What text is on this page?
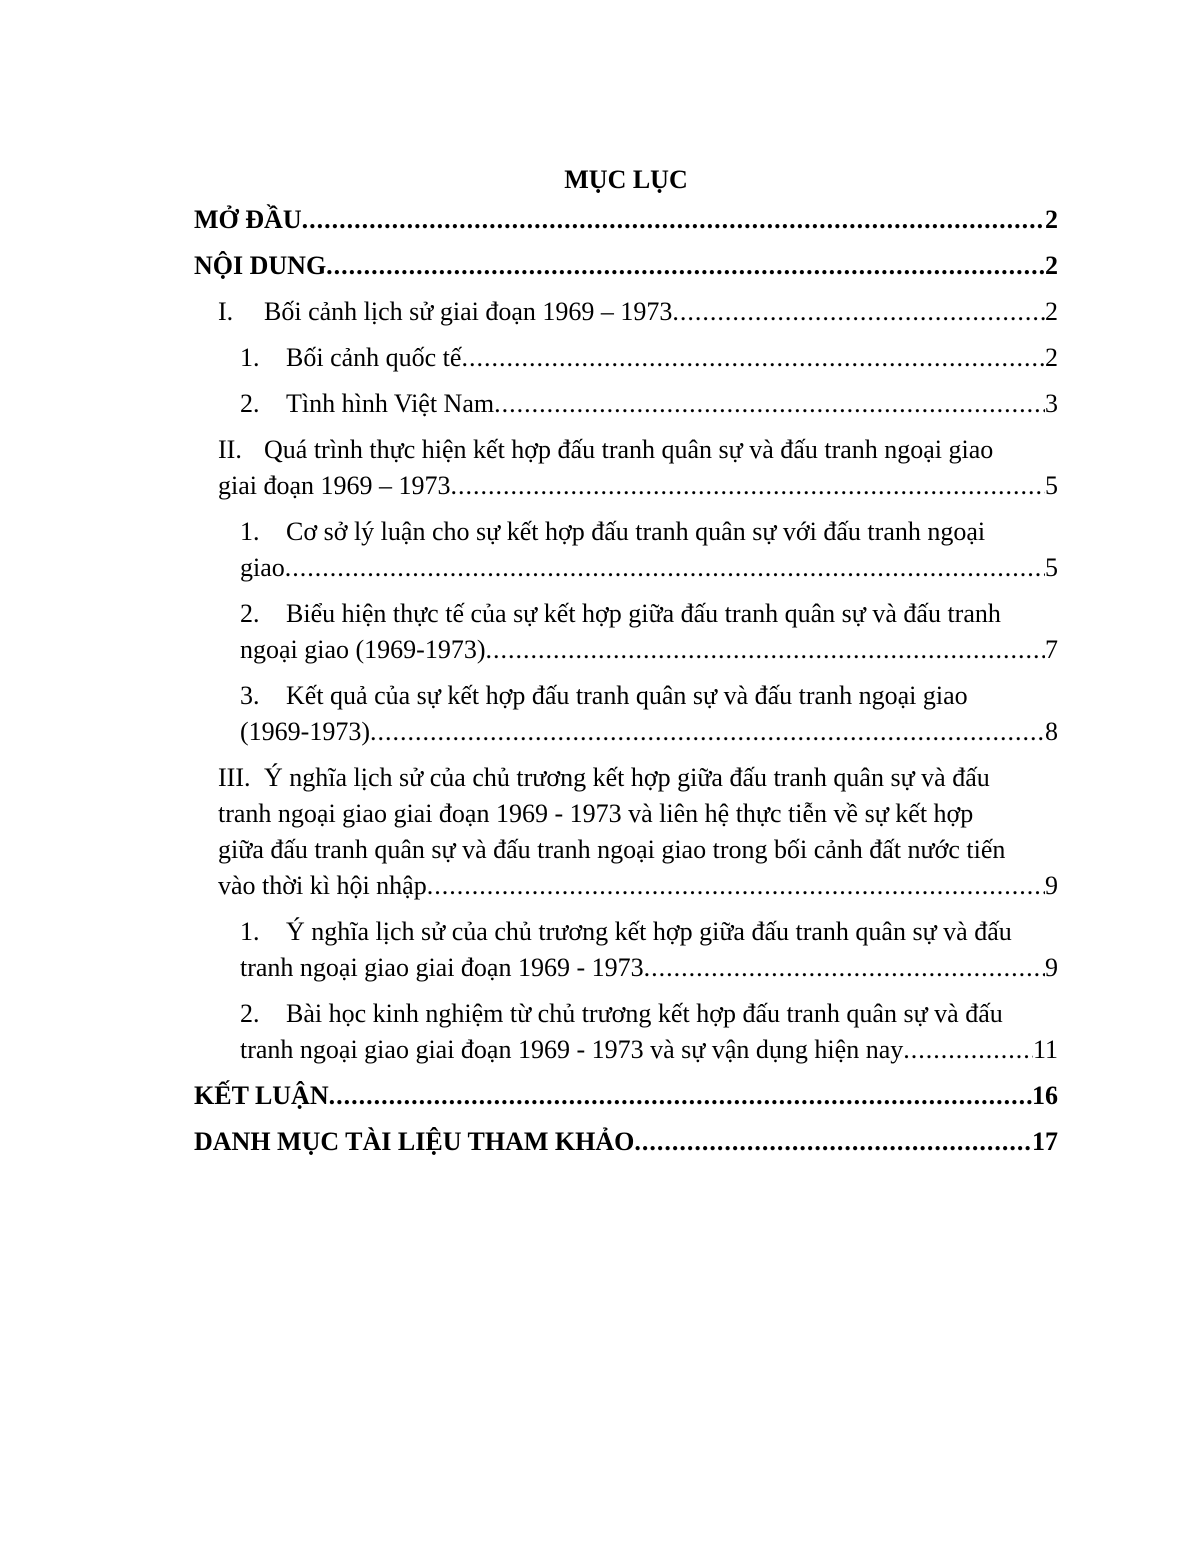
MỤC LỤC
MỞ ĐẦU .....	2
NỘI DUNG .....	2
I. Bối cảnh lịch sử giai đoạn 1969 – 1973 .....	2
1. Bối cảnh quốc tế .....	2
2. Tình hình Việt Nam .....	3
II. Quá trình thực hiện kết hợp đấu tranh quân sự và đấu tranh ngoại giao
giai đoạn 1969 – 1973 .....	5
1. Cơ sở lý luận cho sự kết hợp đấu tranh quân sự với đấu tranh ngoại
giao .....	5
2. Biểu hiện thực tế của sự kết hợp giữa đấu tranh quân sự và đấu tranh
ngoại giao (1969-1973) .....	7
3. Kết quả của sự kết hợp đấu tranh quân sự và đấu tranh ngoại giao
(1969-1973) .....	8
III. Ý nghĩa lịch sử của chủ trương kết hợp giữa đấu tranh quân sự và đấu
tranh ngoại giao giai đoạn 1969 - 1973 và liên hệ thực tiễn về sự kết hợp
giữa đấu tranh quân sự và đấu tranh ngoại giao trong bối cảnh đất nước tiến
vào thời kì hội nhập .....	9
1. Ý nghĩa lịch sử của chủ trương kết hợp giữa đấu tranh quân sự và đấu
tranh ngoại giao giai đoạn 1969 - 1973 .....	9
2. Bài học kinh nghiệm từ chủ trương kết hợp đấu tranh quân sự và đấu
tranh ngoại giao giai đoạn 1969 - 1973 và sự vận dụng hiện nay .....	11
KẾT LUẬN .....	16
DANH MỤC TÀI LIỆU THAM KHẢO .....	17
